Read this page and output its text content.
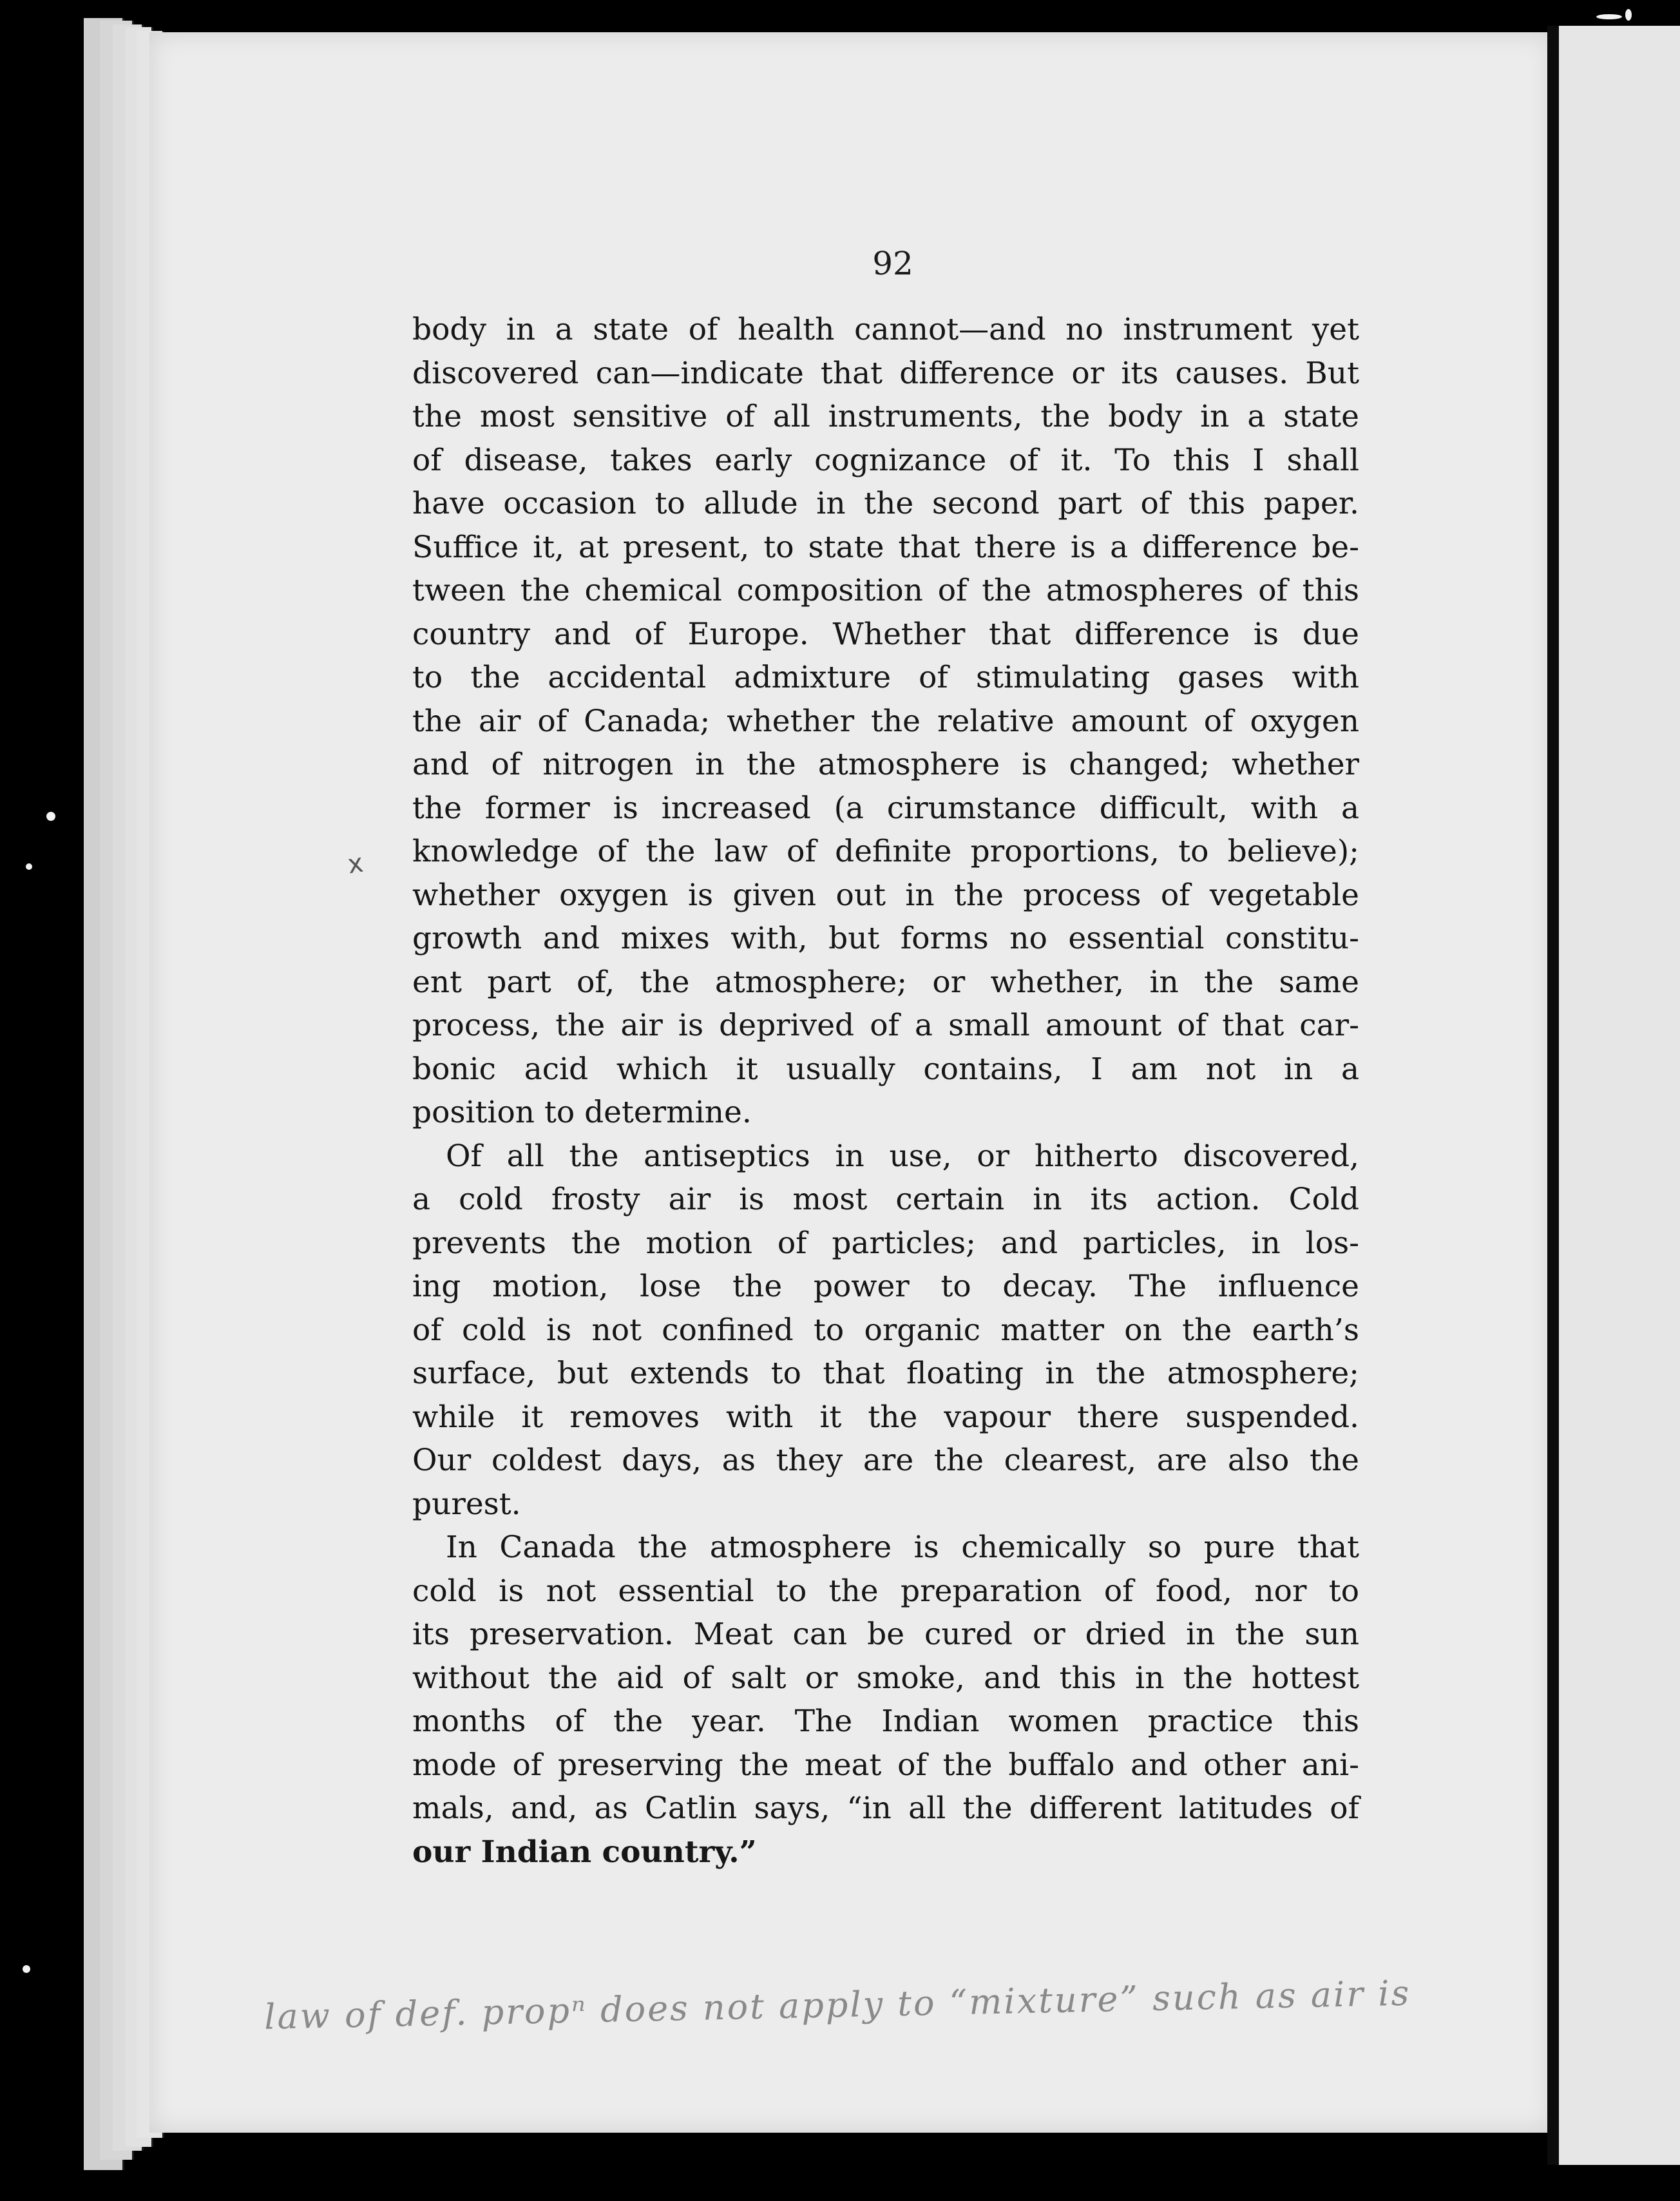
92
x
body in a state of health cannot—and no instrument yet
discovered can—indicate that difference or its causes. But
the most sensitive of all instruments, the body in a state
of disease, takes early cognizance of it. To this I shall
have occasion to allude in the second part of this paper.
Suffice it, at present, to state that there is a difference be-
tween the chemical composition of the atmospheres of this
country and of Europe. Whether that difference is due
to the accidental admixture of stimulating gases with
the air of Canada; whether the relative amount of oxygen
and of nitrogen in the atmosphere is changed; whether
the former is increased (a cirumstance difficult, with a
knowledge of the law of definite proportions, to believe);
whether oxygen is given out in the process of vegetable
growth and mixes with, but forms no essential constitu-
ent part of, the atmosphere; or whether, in the same
process, the air is deprived of a small amount of that car-
bonic acid which it usually contains, I am not in a
position to determine.
Of all the antiseptics in use, or hitherto discovered,
a cold frosty air is most certain in its action. Cold
prevents the motion of particles; and particles, in los-
ing motion, lose the power to decay. The influence
of cold is not confined to organic matter on the earth’s
surface, but extends to that floating in the atmosphere;
while it removes with it the vapour there suspended.
Our coldest days, as they are the clearest, are also the
purest.
In Canada the atmosphere is chemically so pure that
cold is not essential to the preparation of food, nor to
its preservation. Meat can be cured or dried in the sun
without the aid of salt or smoke, and this in the hottest
months of the year. The Indian women practice this
mode of preserving the meat of the buffalo and other ani-
mals, and, as Catlin says, “in all the different latitudes of
our Indian country.”
law of def. propⁿ does not apply to “mixture” such as air is
